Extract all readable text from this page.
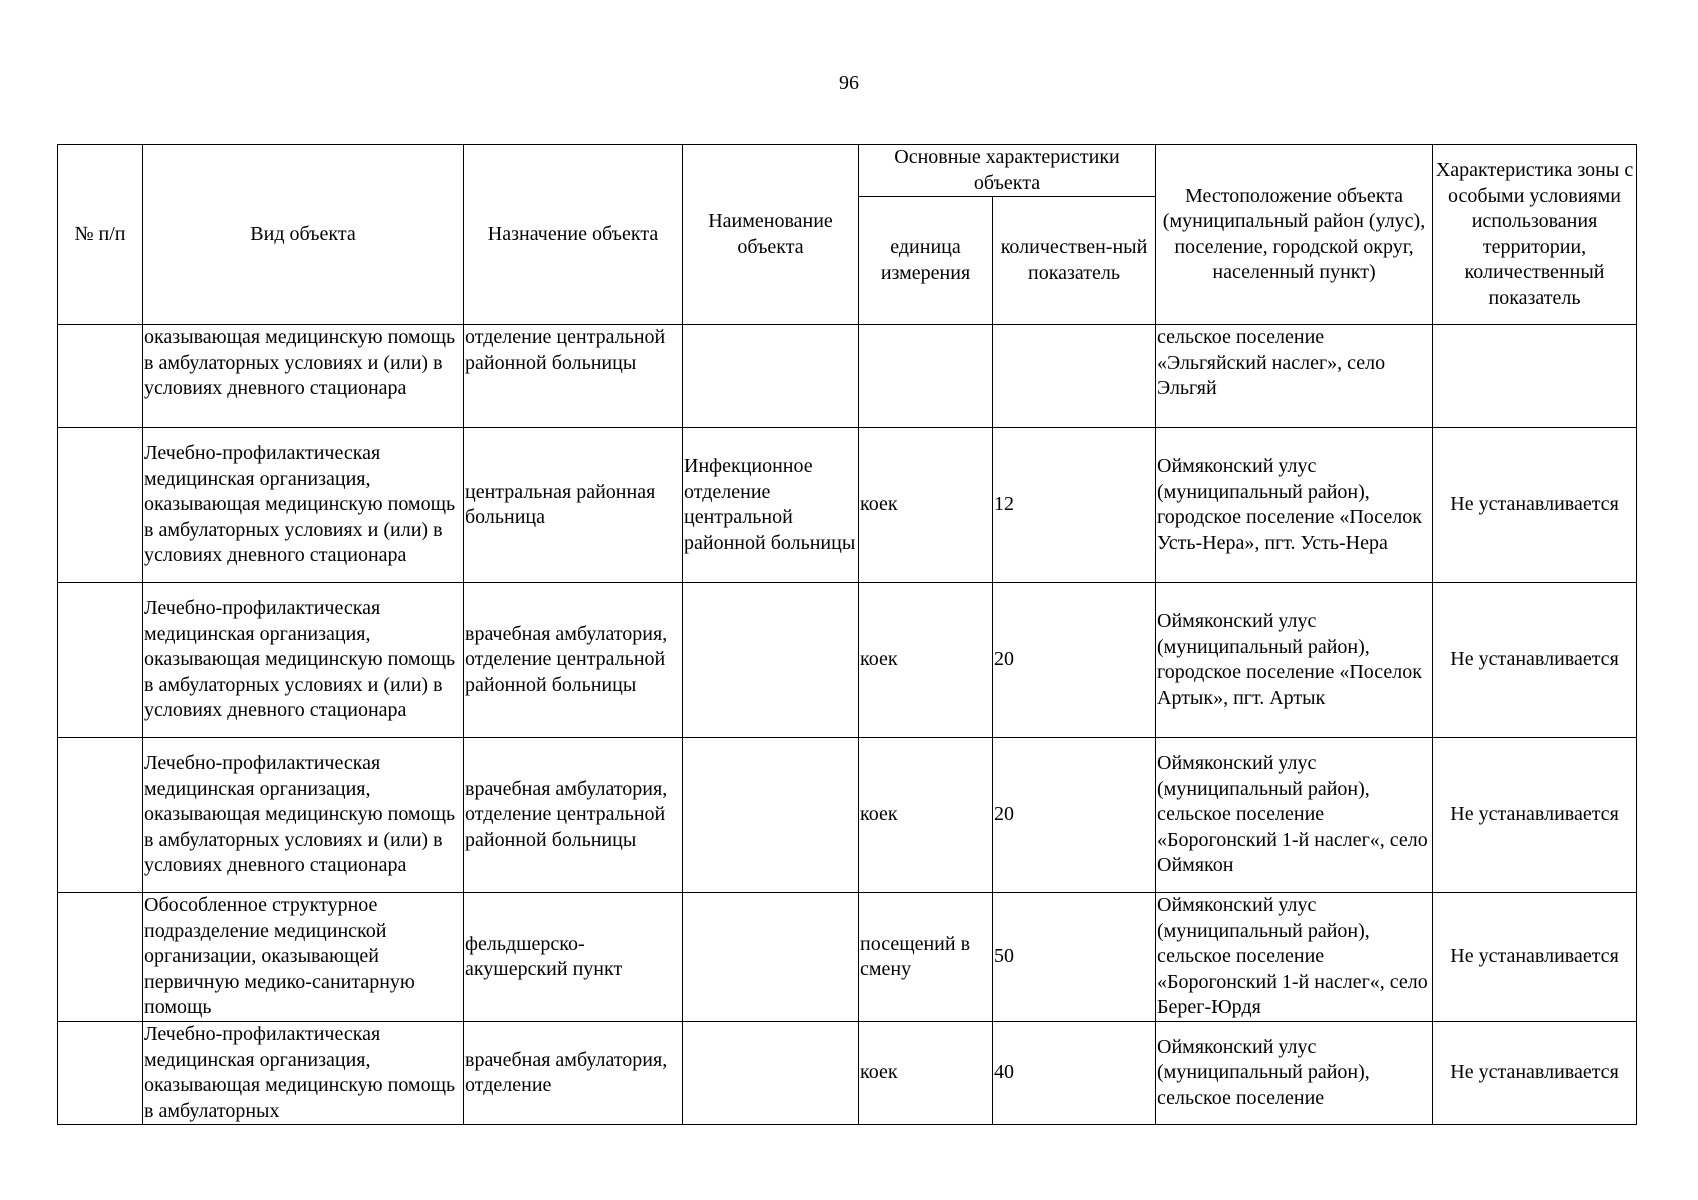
96
№ п/п	Вид объекта	Назначение объекта	Наименование объекта	Основные характеристики объекта		Местоположение объекта (муниципальный район (улус), поселение, городской округ, населенный пункт)	Характеристика зоны с особыми условиями использования территории, количественный показатель
				единица измерения	количествен-ный показатель		
	оказывающая медицинскую помощь в амбулаторных условиях и (или) в условиях дневного стационара	отделение центральной районной больницы				сельское поселение «Эльгяйский наслег», село Эльгяй	
	Лечебно-профилактическая медицинская организация, оказывающая медицинскую помощь в амбулаторных условиях и (или) в условиях дневного стационара	центральная районная больница	Инфекционное отделение центральной районной больницы	коек	12	Оймяконский улус (муниципальный район), городское поселение «Поселок Усть-Нера», пгт. Усть-Нера	Не устанавливается
	Лечебно-профилактическая медицинская организация, оказывающая медицинскую помощь в амбулаторных условиях и (или) в условиях дневного стационара	врачебная амбулатория, отделение центральной районной больницы		коек	20	Оймяконский улус (муниципальный район), городское поселение «Поселок Артык», пгт. Артык	Не устанавливается
	Лечебно-профилактическая медицинская организация, оказывающая медицинскую помощь в амбулаторных условиях и (или) в условиях дневного стационара	врачебная амбулатория, отделение центральной районной больницы		коек	20	Оймяконский улус (муниципальный район), сельское поселение «Борогонский 1-й наслег«, село Оймякон	Не устанавливается
	Обособленное структурное подразделение медицинской организации, оказывающей первичную медико-санитарную помощь	фельдшерско-акушерский пункт		посещений в смену	50	Оймяконский улус (муниципальный район), сельское поселение «Борогонский 1-й наслег«, село Берег-Юрдя	Не устанавливается
	Лечебно-профилактическая медицинская организация, оказывающая медицинскую помощь в амбулаторных	врачебная амбулатория, отделение		коек	40	Оймяконский улус (муниципальный район), сельское поселение	Не устанавливается
